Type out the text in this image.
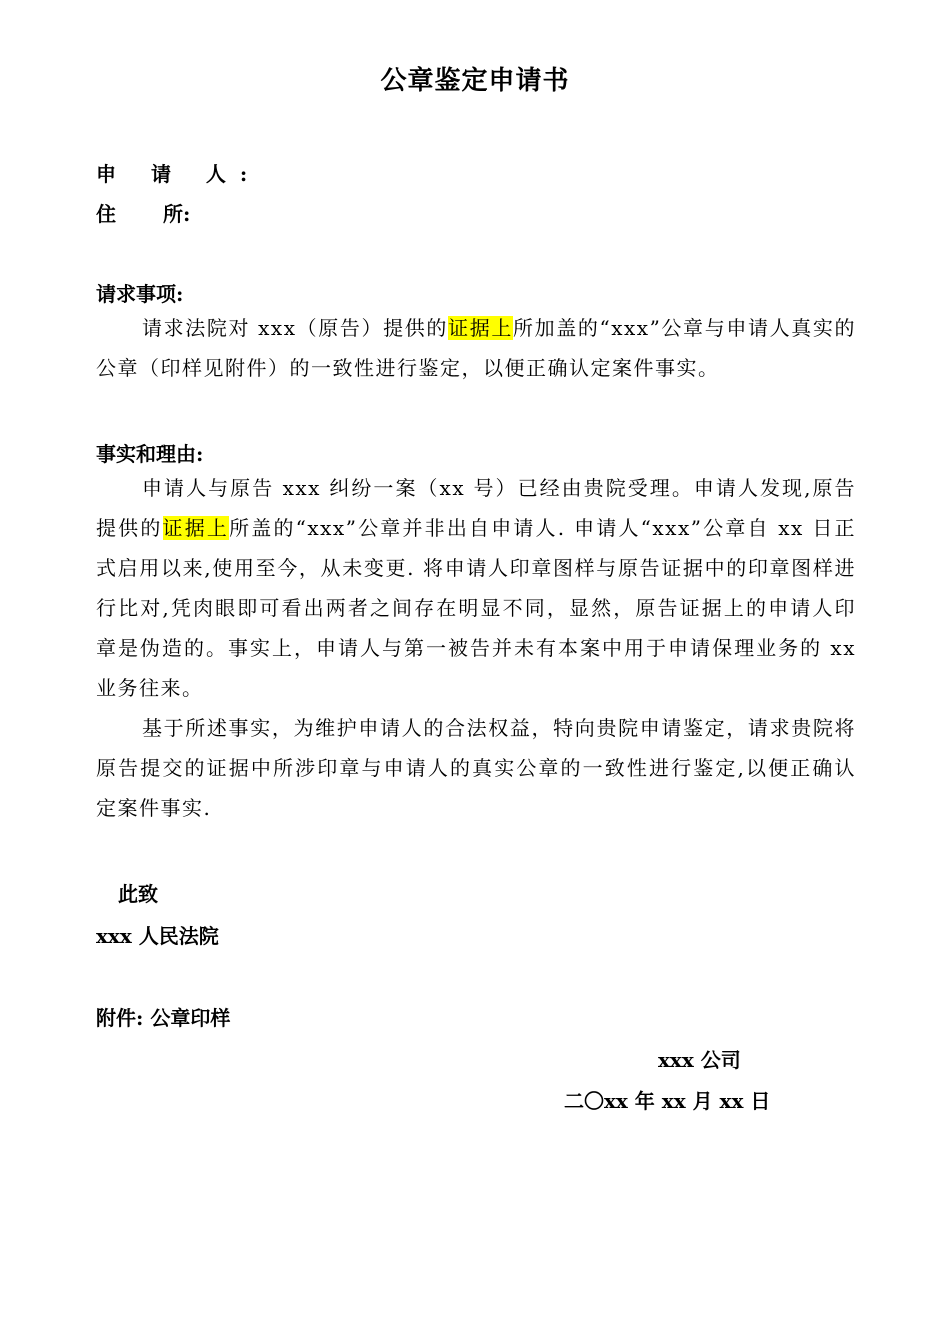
公章鉴定申请书
申 请 人:
住 所:
请求事项:
请求法院对 xxx（原告）提供的证据上所加盖的“xxx”公章与申请人真实的公章（印样见附件）的一致性进行鉴定，以便正确认定案件事实。
事实和理由:
申请人与原告 xxx 纠纷一案（xx 号）已经由贵院受理。申请人发现,原告提供的证据上所盖的“xxx”公章并非出自申请人. 申请人“xxx”公章自 xx 日正式启用以来,使用至今，从未变更. 将申请人印章图样与原告证据中的印章图样进行比对,凭肉眼即可看出两者之间存在明显不同，显然，原告证据上的申请人印章是伪造的。事实上，申请人与第一被告并未有本案中用于申请保理业务的 xx 业务往来。
基于所述事实，为维护申请人的合法权益，特向贵院申请鉴定，请求贵院将原告提交的证据中所涉印章与申请人的真实公章的一致性进行鉴定,以便正确认定案件事实.
此致
xxx 人民法院
附件: 公章印样
xxx 公司
二〇xx 年 xx 月 xx 日
